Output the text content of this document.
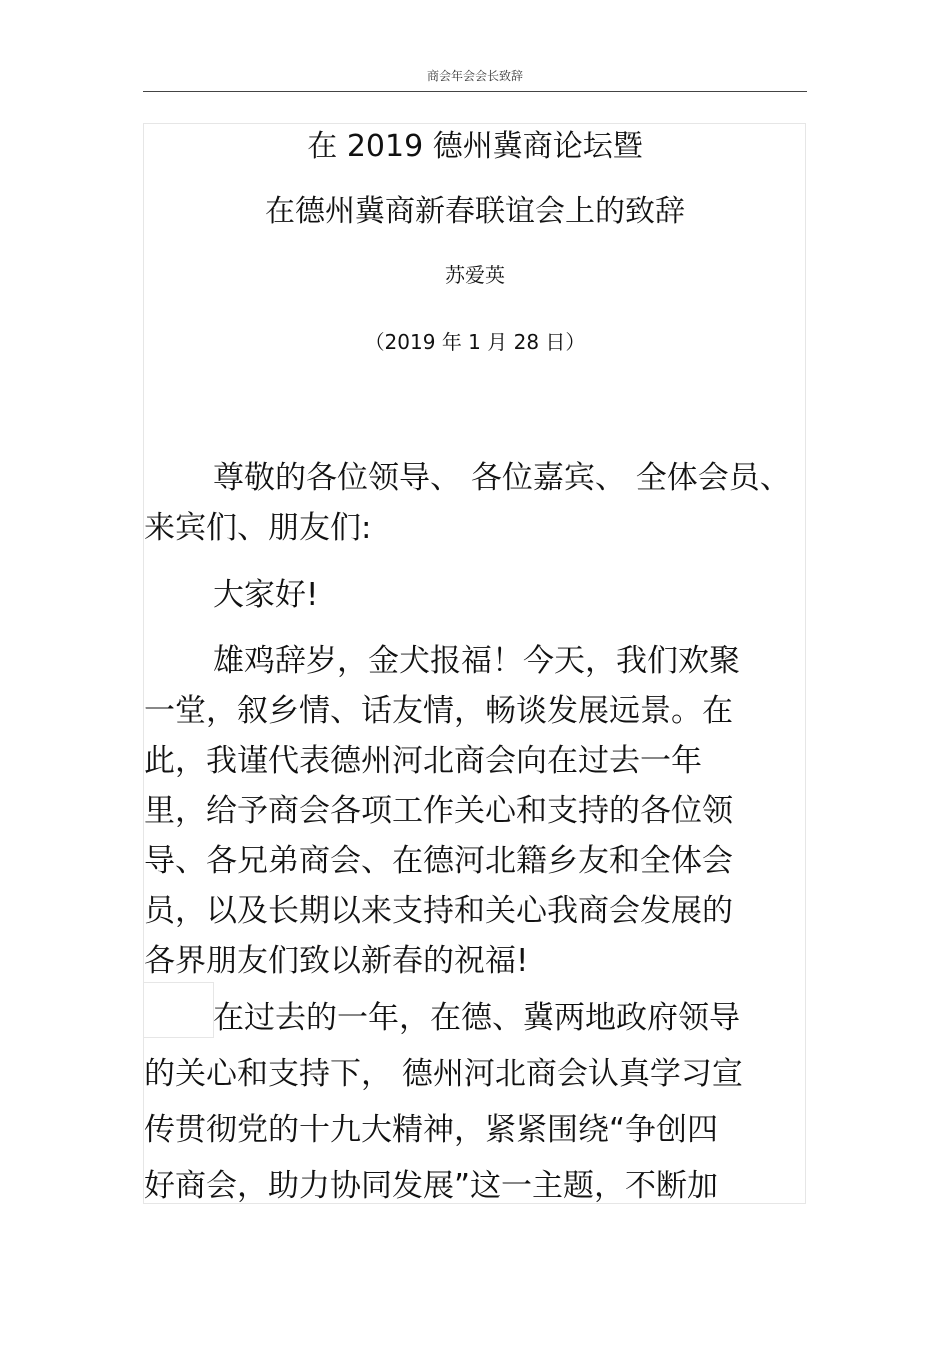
商会年会会长致辞
在 2019 德州冀商论坛暨
在德州冀商新春联谊会上的致辞
苏爱英
（2019 年 1 月 28 日）
尊敬的各位领导、 各位嘉宾、 全体会员、
来宾们、朋友们:
大家好!
雄鸡辞岁，金犬报福！今天，我们欢聚
一堂，叙乡情、话友情，畅谈发展远景。在
此，我谨代表德州河北商会向在过去一年
里，给予商会各项工作关心和支持的各位领
导、各兄弟商会、在德河北籍乡友和全体会
员，以及长期以来支持和关心我商会发展的
各界朋友们致以新春的祝福!
在过去的一年，在德、冀两地政府领导
的关心和支持下， 德州河北商会认真学习宣
传贯彻党的十九大精神，紧紧围绕“争创四
好商会，助力协同发展”这一主题，不断加
